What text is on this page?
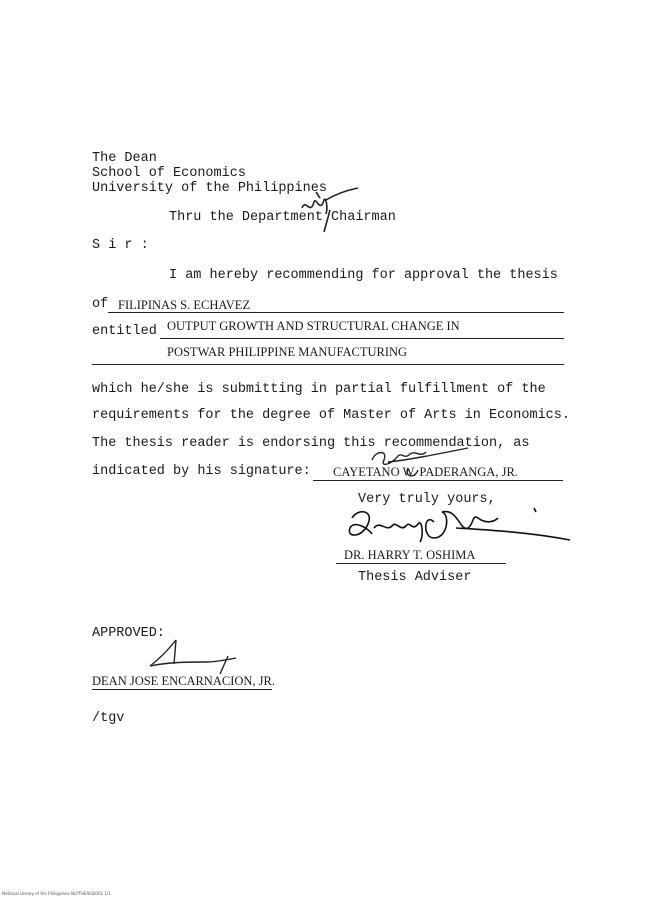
The Dean
School of Economics
University of the Philippines
Thru the Department Chairman
S i r :
I am hereby recommending for approval the thesis
of FILIPINAS S. ECHAVEZ
entitled OUTPUT GROWTH AND STRUCTURAL CHANGE IN
POSTWAR PHILIPPINE MANUFACTURING
which he/she is submitting in partial fulfillment of the
requirements for the degree of Master of Arts in Economics.
The thesis reader is endorsing this recommendation, as
indicated by his signature: CAYETANO W. PADERANGA, JR.
Very truly yours,
DR. HARRY T. OSHIMA
Thesis Adviser
APPROVED:
DEAN JOSE ENCARNACION, JR.
/tgv
National Library of the Philippines NLPTHESIS0001 1/1
